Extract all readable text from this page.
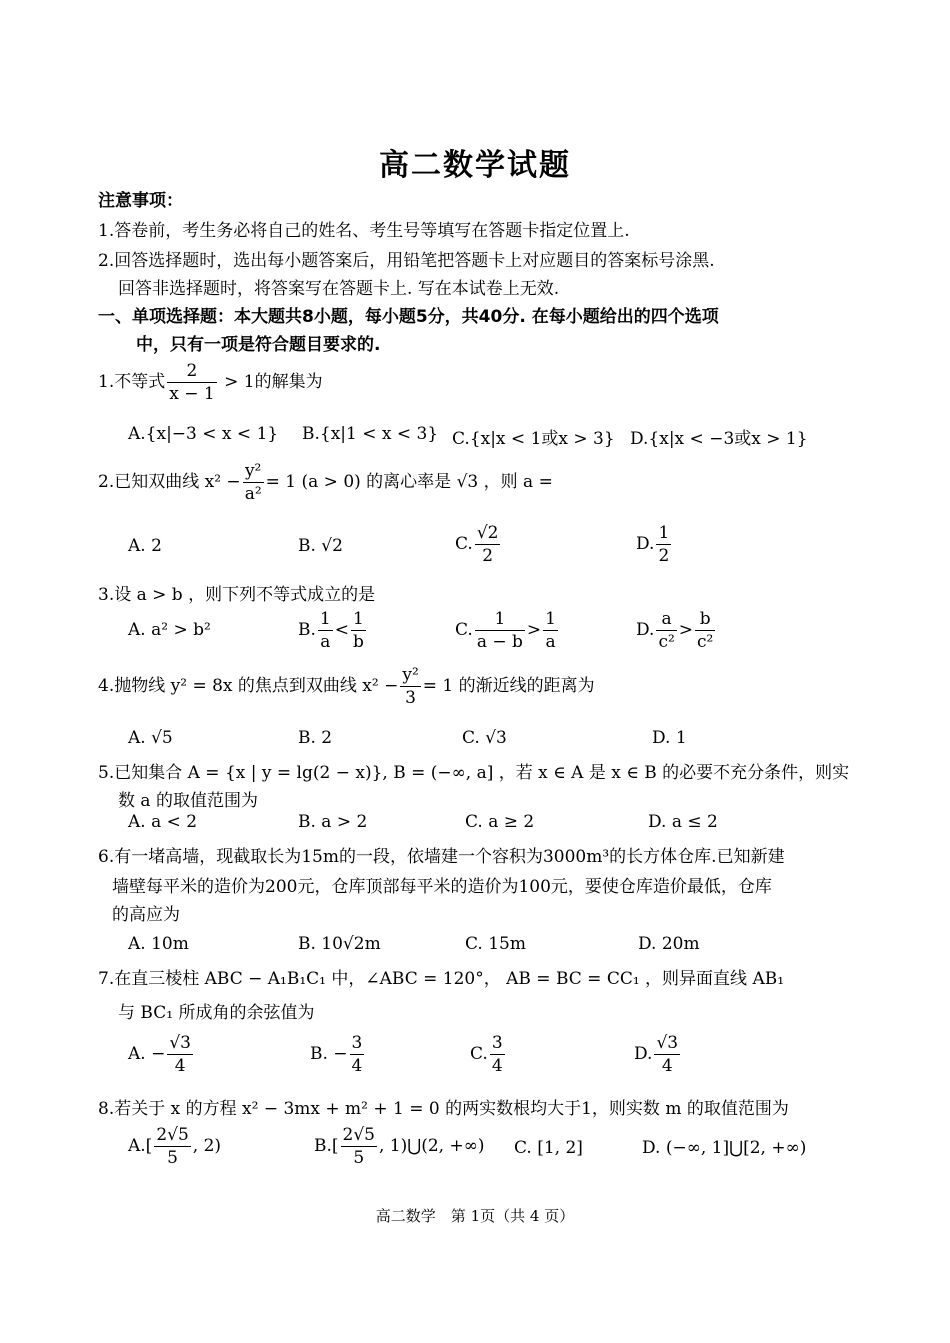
高二数学试题
注意事项：
1.答卷前，考生务必将自己的姓名、考生号等填写在答题卡指定位置上.
2.回答选择题时，选出每小题答案后，用铅笔把答题卡上对应题目的答案标号涂黑.
回答非选择题时，将答案写在答题卡上. 写在本试卷上无效.
一、单项选择题：本大题共8小题，每小题5分，共40分. 在每小题给出的四个选项
中，只有一项是符合题目要求的.
1.不等式 $\frac{2}{x - 1} > 1$的解集为
A.{x|−3 < x < 1} B.{x|1 < x < 3} C.{x|x < 1或x > 3} D.{x|x < −3或x > 1}
2.已知双曲线 $x^2 - \frac{\text{y²}}{\text{a²}} = 1$ (a > 0) 的离心率是 √3 ，则 a =
A. 2	B. √2	C. $\frac{√2}{2}$	D. $\frac{1}{2}$
3.设 a > b ，则下列不等式成立的是
A. a² > b²	B. $\frac{1}{a} < \frac{1}{b}$	C. $\frac{1}{a - b} > \frac{1}{a}$	D. $\frac{a}{\text{c²}} > \frac{b}{\text{c²}}$
4.抛物线 y² = 8x 的焦点到双曲线 $x^2 - \frac{\text{y²}}{3} = 1$ 的渐近线的距离为
A. √5	B. 2	C. √3	D. 1
5.已知集合 A = {x | y = lg(2 − x)}, B = (−∞, a] ，若 x ∈ A 是 x ∈ B 的必要不充分条件，则实
数 a 的取值范围为
A. a < 2	B. a > 2	C. a ≥ 2	D. a ≤ 2
6.有一堵高墙，现截取长为15m的一段，依墙建一个容积为3000m³的长方体仓库.已知新建
墙壁每平米的造价为200元，仓库顶部每平米的造价为100元，要使仓库造价最低，仓库
的高应为
A. 10m	B. 10√2m	C. 15m	D. 20m
7.在直三棱柱 ABC − A₁B₁C₁ 中，∠ABC = 120°， AB = BC = CC₁ ，则异面直线 AB₁
与 BC₁ 所成角的余弦值为
A. − $\frac{√3}{4}$	B. − $\frac{3}{4}$	C. $\frac{3}{4}$	D. $\frac{√3}{4}$
8.若关于 x 的方程 x² − 3mx + m² + 1 = 0 的两实数根均大于1，则实数 m 的取值范围为
$A.[ \frac{2√5}{5}$ , 2)	$B.[ \frac{2√5}{5}$ , 1)⋃(2, +∞) C. [1, 2]	D. (−∞, 1]⋃[2, +∞)
高二数学　第 1页（共 4 页）
